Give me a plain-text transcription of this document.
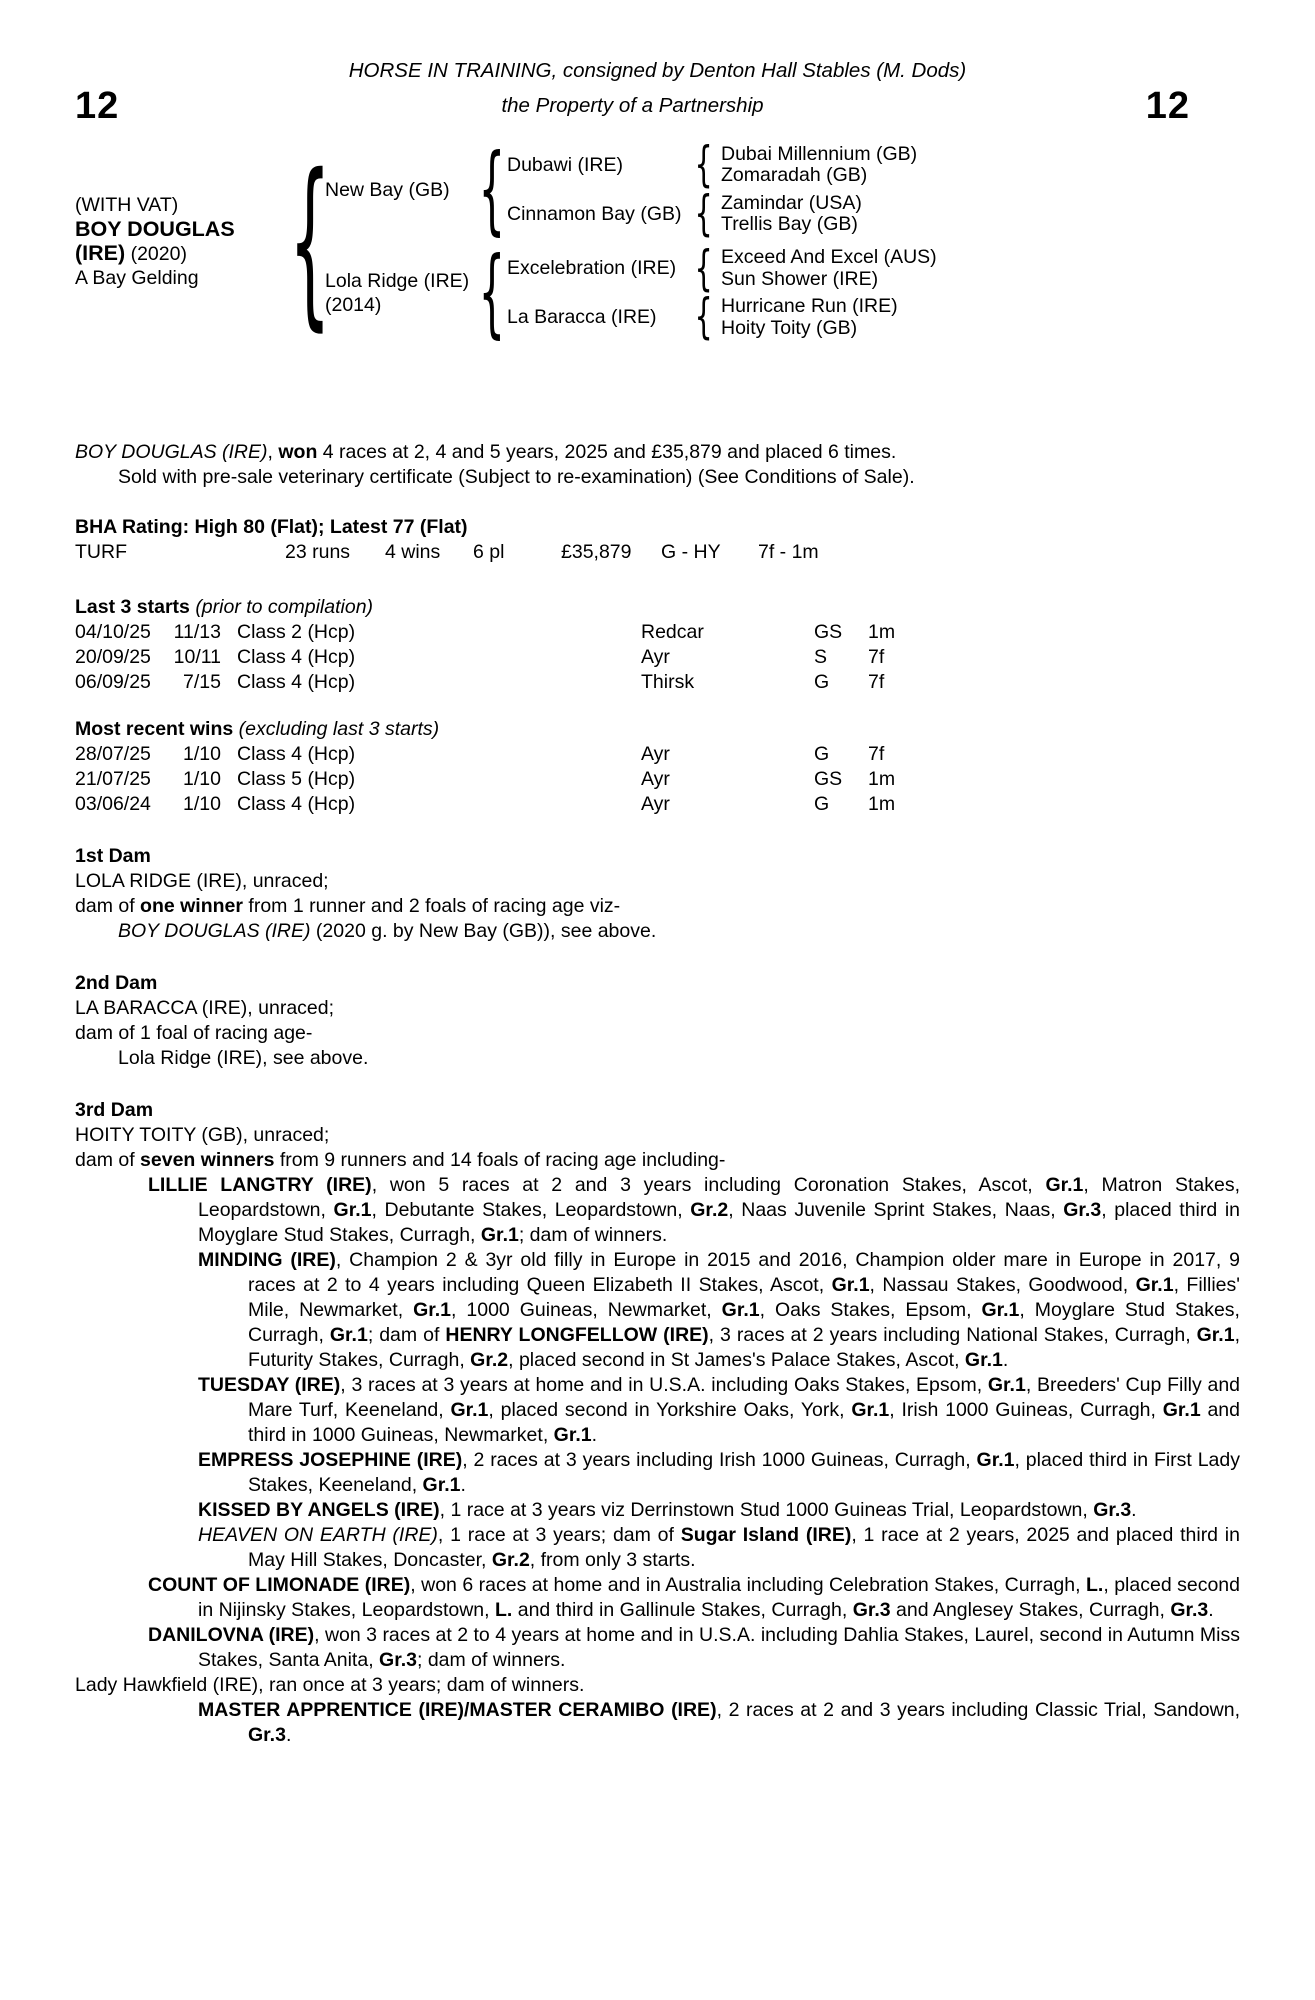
HORSE IN TRAINING, consigned by Denton Hall Stables (M. Dods)
12	the Property of a Partnership	12
(WITH VAT)
BOY DOUGLAS
(IRE) (2020)
A Bay Gelding
{
New Bay (GB)
{
Dubawi (IRE) {	Dubai Millennium (GB)
Zomaradah (GB)
Cinnamon Bay (GB) { Zamindar (USA)
Trellis Bay (GB)
Lola Ridge (IRE)
(2014)
{
Excelebration (IRE) {	Exceed And Excel (AUS)
Sun Shower (IRE)
La Baracca (IRE) {	Hurricane Run (IRE)
Hoity Toity (GB)

BOY DOUGLAS (IRE), won 4 races at 2, 4 and 5 years, 2025 and £35,879 and placed 6 times.

Sold with pre-sale veterinary certificate (Subject to re-examination) (See Conditions of Sale).

BHA Rating: High 80 (Flat); Latest 77 (Flat)
TURF	23 runs	4 wins	6 pl	£35,879	G - HY	7f - 1m
Last 3 starts (prior to compilation)
04/10/25	11/13 Class 2 (Hcp)	Redcar	GS	1m
20/09/25	10/11 Class 4 (Hcp)	Ayr	S	7f
06/09/25	7/15 Class 4 (Hcp)	Thirsk	G	7f
Most recent wins (excluding last 3 starts)
28/07/25	1/10 Class 4 (Hcp)	Ayr	G	7f
21/07/25	1/10 Class 5 (Hcp)	Ayr	GS	1m
03/06/24	1/10 Class 4 (Hcp)	Ayr	G	1m
1st Dam

LOLA RIDGE (IRE), unraced;

dam of one winner from 1 runner and 2 foals of racing age viz-

BOY DOUGLAS (IRE) (2020 g. by New Bay (GB)), see above.

2nd Dam

LA BARACCA (IRE), unraced;

dam of 1 foal of racing age-

Lola Ridge (IRE), see above.

3rd Dam

HOITY TOITY (GB), unraced;

dam of seven winners from 9 runners and 14 foals of racing age including-

LILLIE LANGTRY (IRE), won 5 races at 2 and 3 years including Coronation Stakes, Ascot, Gr.1, Matron Stakes, Leopardstown, Gr.1, Debutante Stakes, Leopardstown, Gr.2, Naas Juvenile Sprint Stakes, Naas, Gr.3, placed third in Moyglare Stud Stakes, Curragh, Gr.1; dam of winners.

MINDING (IRE), Champion 2 & 3yr old filly in Europe in 2015 and 2016, Champion older mare in Europe in 2017, 9 races at 2 to 4 years including Queen Elizabeth II Stakes, Ascot, Gr.1, Nassau Stakes, Goodwood, Gr.1, Fillies' Mile, Newmarket, Gr.1, 1000 Guineas, Newmarket, Gr.1, Oaks Stakes, Epsom, Gr.1, Moyglare Stud Stakes, Curragh, Gr.1; dam of HENRY LONGFELLOW (IRE), 3 races at 2 years including National Stakes, Curragh, Gr.1, Futurity Stakes, Curragh, Gr.2, placed second in St James's Palace Stakes, Ascot, Gr.1.

TUESDAY (IRE), 3 races at 3 years at home and in U.S.A. including Oaks Stakes, Epsom, Gr.1, Breeders' Cup Filly and Mare Turf, Keeneland, Gr.1, placed second in Yorkshire Oaks, York, Gr.1, Irish 1000 Guineas, Curragh, Gr.1 and third in 1000 Guineas, Newmarket, Gr.1.

EMPRESS JOSEPHINE (IRE), 2 races at 3 years including Irish 1000 Guineas, Curragh, Gr.1, placed third in First Lady Stakes, Keeneland, Gr.1.

KISSED BY ANGELS (IRE), 1 race at 3 years viz Derrinstown Stud 1000 Guineas Trial, Leopardstown, Gr.3.

HEAVEN ON EARTH (IRE), 1 race at 3 years; dam of Sugar Island (IRE), 1 race at 2 years, 2025 and placed third in May Hill Stakes, Doncaster, Gr.2, from only 3 starts.

COUNT OF LIMONADE (IRE), won 6 races at home and in Australia including Celebration Stakes, Curragh, L., placed second in Nijinsky Stakes, Leopardstown, L. and third in Gallinule Stakes, Curragh, Gr.3 and Anglesey Stakes, Curragh, Gr.3.

DANILOVNA (IRE), won 3 races at 2 to 4 years at home and in U.S.A. including Dahlia Stakes, Laurel, second in Autumn Miss Stakes, Santa Anita, Gr.3; dam of winners.

Lady Hawkfield (IRE), ran once at 3 years; dam of winners.

MASTER APPRENTICE (IRE)/MASTER CERAMIBO (IRE), 2 races at 2 and 3 years including Classic Trial, Sandown, Gr.3.
